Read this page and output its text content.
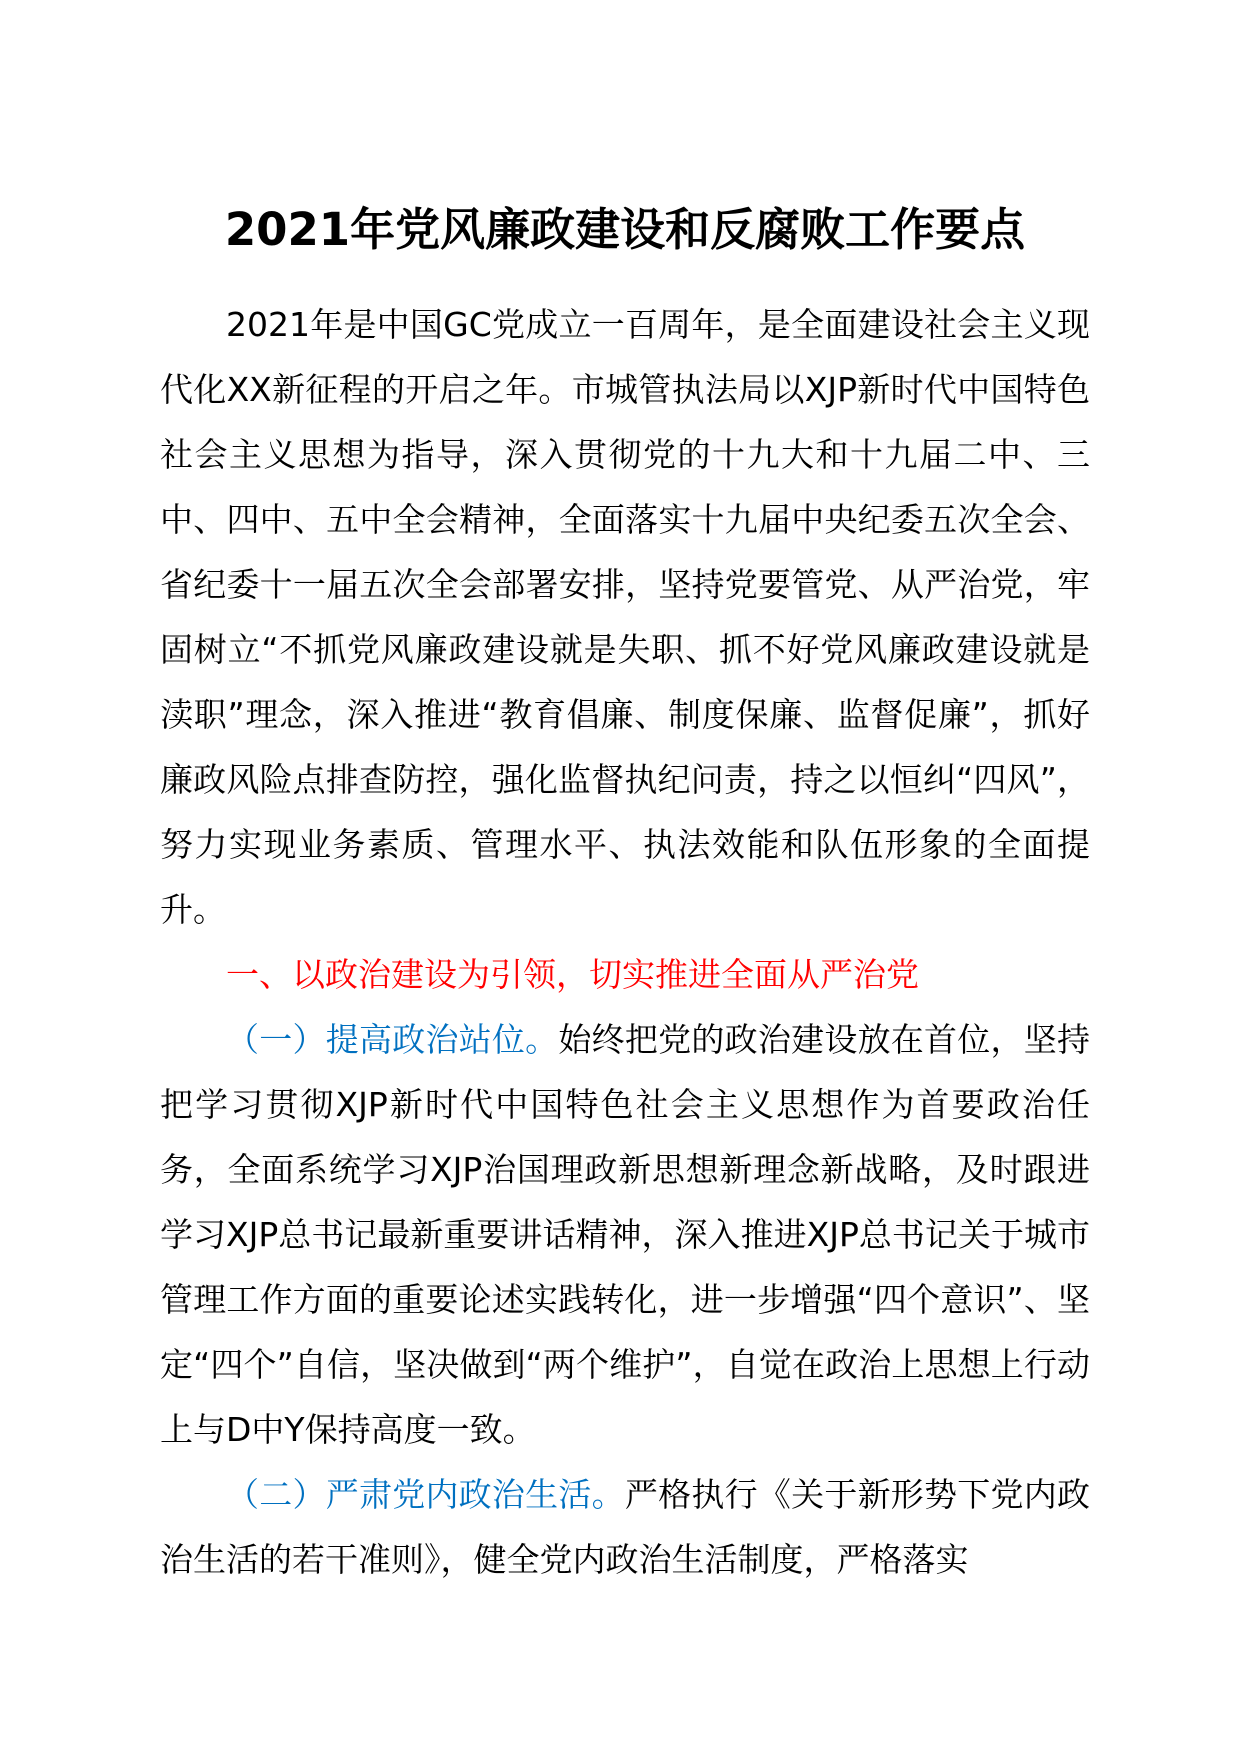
2021年党风廉政建设和反腐败工作要点

2021年是中国GC党成立一百周年，是全面建设社会主义现代化XX新征程的开启之年。市城管执法局以XJP新时代中国特色社会主义思想为指导，深入贯彻党的十九大和十九届二中、三中、四中、五中全会精神，全面落实十九届中央纪委五次全会、省纪委十一届五次全会部署安排，坚持党要管党、从严治党，牢固树立“不抓党风廉政建设就是失职、抓不好党风廉政建设就是渎职”理念，深入推进“教育倡廉、制度保廉、监督促廉”，抓好廉政风险点排查防控，强化监督执纪问责，持之以恒纠“四风”，努力实现业务素质、管理水平、执法效能和队伍形象的全面提升。

一、以政治建设为引领，切实推进全面从严治党

（一）提高政治站位。始终把党的政治建设放在首位，坚持把学习贯彻XJP新时代中国特色社会主义思想作为首要政治任务，全面系统学习XJP治国理政新思想新理念新战略，及时跟进学习XJP总书记最新重要讲话精神，深入推进XJP总书记关于城市管理工作方面的重要论述实践转化，进一步增强“四个意识”、坚定“四个”自信，坚决做到“两个维护”，自觉在政治上思想上行动上与D中Y保持高度一致。

（二）严肃党内政治生活。严格执行《关于新形势下党内政治生活的若干准则》，健全党内政治生活制度，严格落实
